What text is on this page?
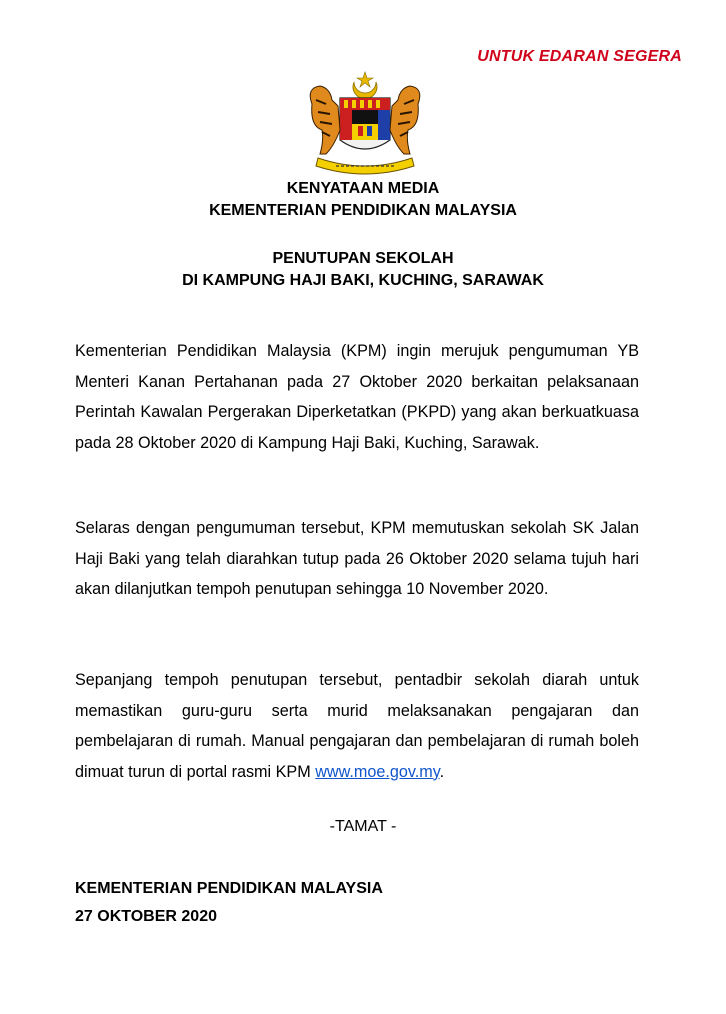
UNTUK EDARAN SEGERA
KENYATAAN MEDIA
KEMENTERIAN PENDIDIKAN MALAYSIA
PENUTUPAN SEKOLAH
DI KAMPUNG HAJI BAKI, KUCHING, SARAWAK

Kementerian Pendidikan Malaysia (KPM) ingin merujuk pengumuman YB Menteri Kanan Pertahanan pada 27 Oktober 2020 berkaitan pelaksanaan Perintah Kawalan Pergerakan Diperketatkan (PKPD) yang akan berkuatkuasa pada 28 Oktober 2020 di Kampung Haji Baki, Kuching, Sarawak.

Selaras dengan pengumuman tersebut, KPM memutuskan sekolah SK Jalan Haji Baki yang telah diarahkan tutup pada 26 Oktober 2020 selama tujuh hari akan dilanjutkan tempoh penutupan sehingga 10 November 2020.

Sepanjang tempoh penutupan tersebut, pentadbir sekolah diarah untuk memastikan guru-guru serta murid melaksanakan pengajaran dan pembelajaran di rumah. Manual pengajaran dan pembelajaran di rumah boleh dimuat turun di portal rasmi KPM www.moe.gov.my.

-TAMAT -
KEMENTERIAN PENDIDIKAN MALAYSIA
27 OKTOBER 2020
